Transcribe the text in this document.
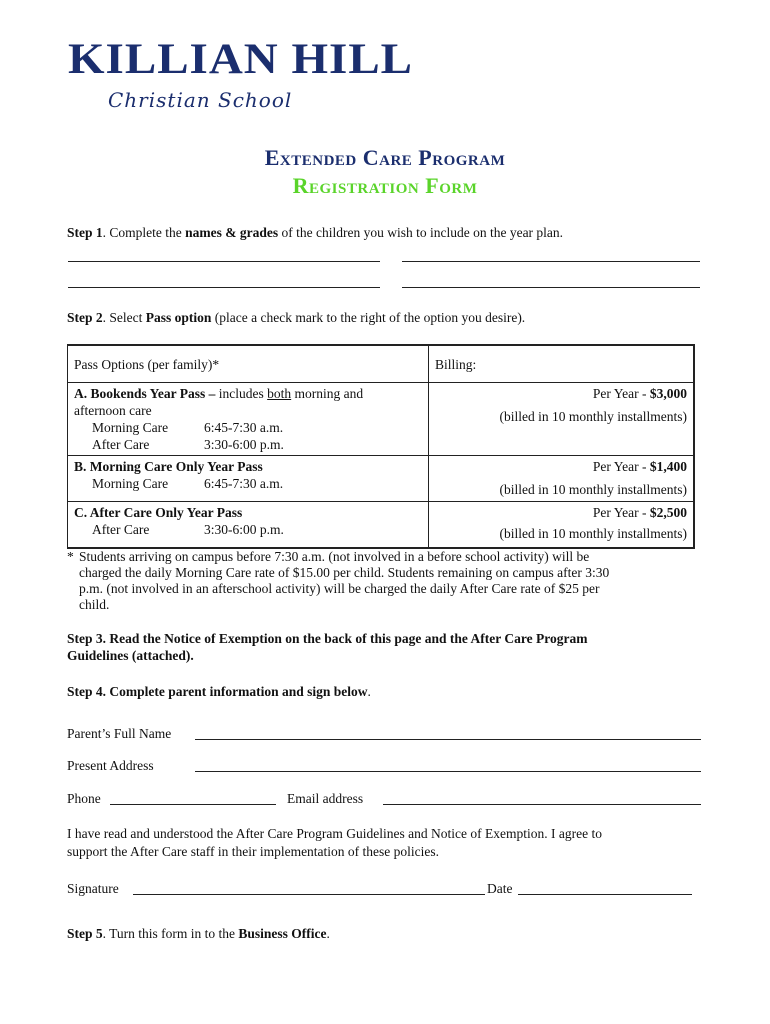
KILLIAN HILL
Christian School
Extended Care Program
Registration Form
Step 1. Complete the names & grades of the children you wish to include on the year plan.
Step 2. Select Pass option (place a check mark to the right of the option you desire).
Pass Options (per family)*	Billing:

A. Bookends Year Pass – includes both morning and
afternoon care
Morning Care 6:45-7:30 a.m.
After Care 3:30-6:00 p.m.	Per Year - $3,000
(billed in 10 monthly installments)

B. Morning Care Only Year Pass
Morning Care 6:45-7:30 a.m.	Per Year - $1,400
(billed in 10 monthly installments)

C. After Care Only Year Pass
After Care 3:30-6:00 p.m.	Per Year - $2,500
(billed in 10 monthly installments)
* Students arriving on campus before 7:30 a.m. (not involved in a before school activity) will be
charged the daily Morning Care rate of $15.00 per child. Students remaining on campus after 3:30
p.m. (not involved in an afterschool activity) will be charged the daily After Care rate of $25 per
child.
Step 3. Read the Notice of Exemption on the back of this page and the After Care Program
Guidelines (attached).
Step 4. Complete parent information and sign below.
Parent’s Full Name
Present Address
Phone	Email address
I have read and understood the After Care Program Guidelines and Notice of Exemption. I agree to
support the After Care staff in their implementation of these policies.
Signature	Date
Step 5. Turn this form in to the Business Office.
